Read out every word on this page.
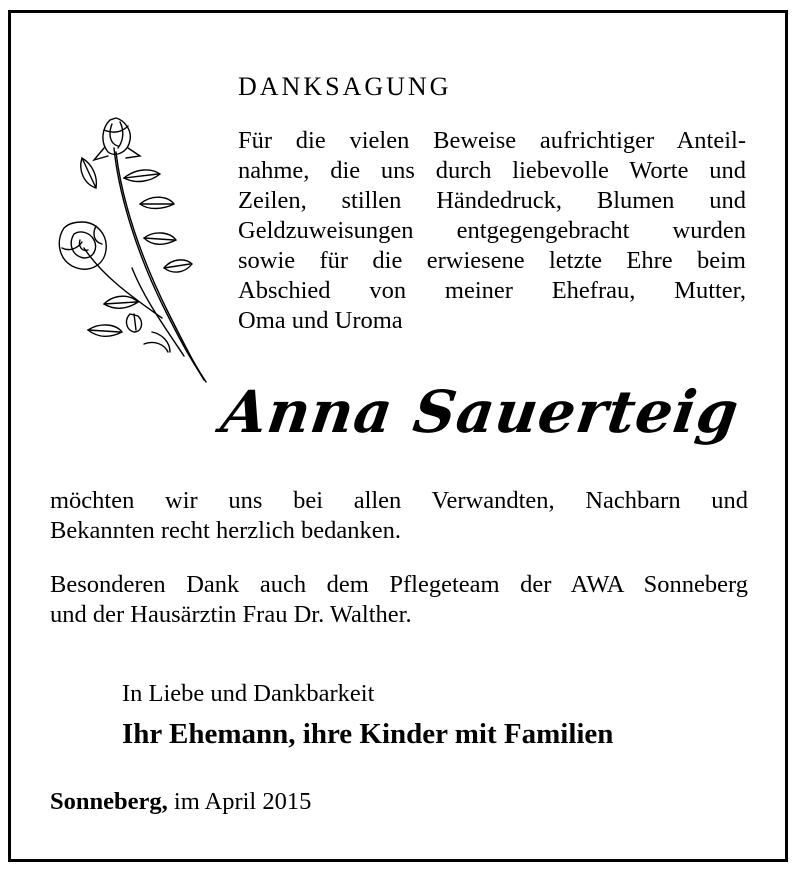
DANKSAGUNG
Für die vielen Beweise aufrichtiger Anteil-
nahme, die uns durch liebevolle Worte und
Zeilen, stillen Händedruck, Blumen und
Geldzuweisungen entgegengebracht wurden
sowie für die erwiesene letzte Ehre beim
Abschied von meiner Ehefrau, Mutter,
Oma und Uroma
Anna Sauerteig
möchten wir uns bei allen Verwandten, Nachbarn und
Bekannten recht herzlich bedanken.
Besonderen Dank auch dem Pflegeteam der AWA Sonneberg
und der Hausärztin Frau Dr. Walther.
In Liebe und Dankbarkeit
Ihr Ehemann, ihre Kinder mit Familien
Sonneberg, im April 2015
